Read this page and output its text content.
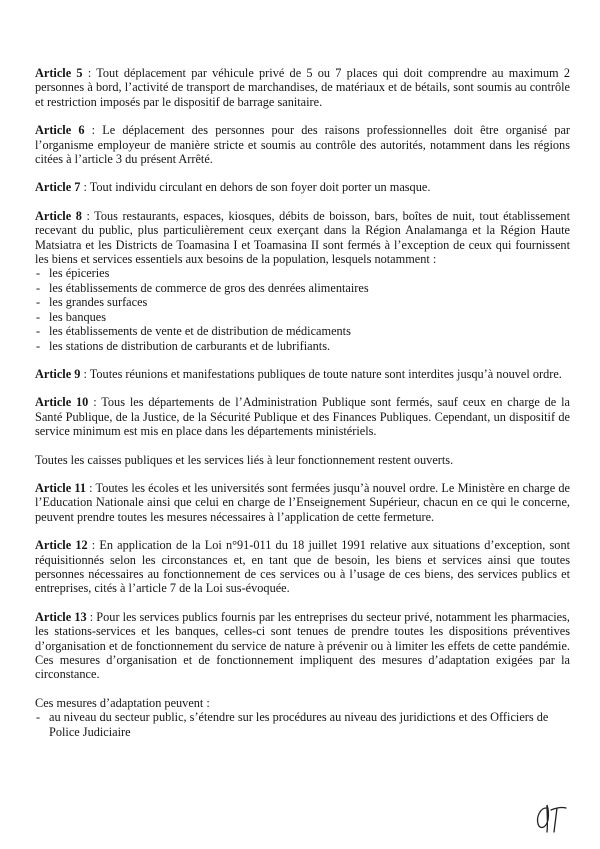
Article 5 : Tout déplacement par véhicule privé de 5 ou 7 places qui doit comprendre au maximum 2 personnes à bord, l’activité de transport de marchandises, de matériaux et de bétails, sont soumis au contrôle et restriction imposés par le dispositif de barrage sanitaire.

Article 6 : Le déplacement des personnes pour des raisons professionnelles doit être organisé par l’organisme employeur de manière stricte et soumis au contrôle des autorités, notamment dans les régions citées à l’article 3 du présent Arrêté.

Article 7 : Tout individu circulant en dehors de son foyer doit porter un masque.

Article 8 : Tous restaurants, espaces, kiosques, débits de boisson, bars, boîtes de nuit, tout établissement recevant du public, plus particulièrement ceux exerçant dans la Région Analamanga et la Région Haute Matsiatra et les Districts de Toamasina I et Toamasina II sont fermés à l’exception de ceux qui fournissent les biens et services essentiels aux besoins de la population, lesquels notamment :

- les épiceries
- les établissements de commerce de gros des denrées alimentaires
- les grandes surfaces
- les banques
- les établissements de vente et de distribution de médicaments
- les stations de distribution de carburants et de lubrifiants.

Article 9 : Toutes réunions et manifestations publiques de toute nature sont interdites jusqu’à nouvel ordre.

Article 10 : Tous les départements de l’Administration Publique sont fermés, sauf ceux en charge de la Santé Publique, de la Justice, de la Sécurité Publique et des Finances Publiques. Cependant, un dispositif de service minimum est mis en place dans les départements ministériels.

Toutes les caisses publiques et les services liés à leur fonctionnement restent ouverts.

Article 11 : Toutes les écoles et les universités sont fermées jusqu’à nouvel ordre. Le Ministère en charge de l’Education Nationale ainsi que celui en charge de l’Enseignement Supérieur, chacun en ce qui le concerne, peuvent prendre toutes les mesures nécessaires à l’application de cette fermeture.

Article 12 : En application de la Loi n°91-011 du 18 juillet 1991 relative aux situations d’exception, sont réquisitionnés selon les circonstances et, en tant que de besoin, les biens et services ainsi que toutes personnes nécessaires au fonctionnement de ces services ou à l’usage de ces biens, des services publics et entreprises, cités à l’article 7 de la Loi sus-évoquée.

Article 13 : Pour les services publics fournis par les entreprises du secteur privé, notamment les pharmacies, les stations-services et les banques, celles-ci sont tenues de prendre toutes les dispositions préventives d’organisation et de fonctionnement du service de nature à prévenir ou à limiter les effets de cette pandémie. Ces mesures d’organisation et de fonctionnement impliquent des mesures d’adaptation exigées par la circonstance.

Ces mesures d’adaptation peuvent :

- au niveau du secteur public, s’étendre sur les procédures au niveau des juridictions et des Officiers de Police Judiciaire
